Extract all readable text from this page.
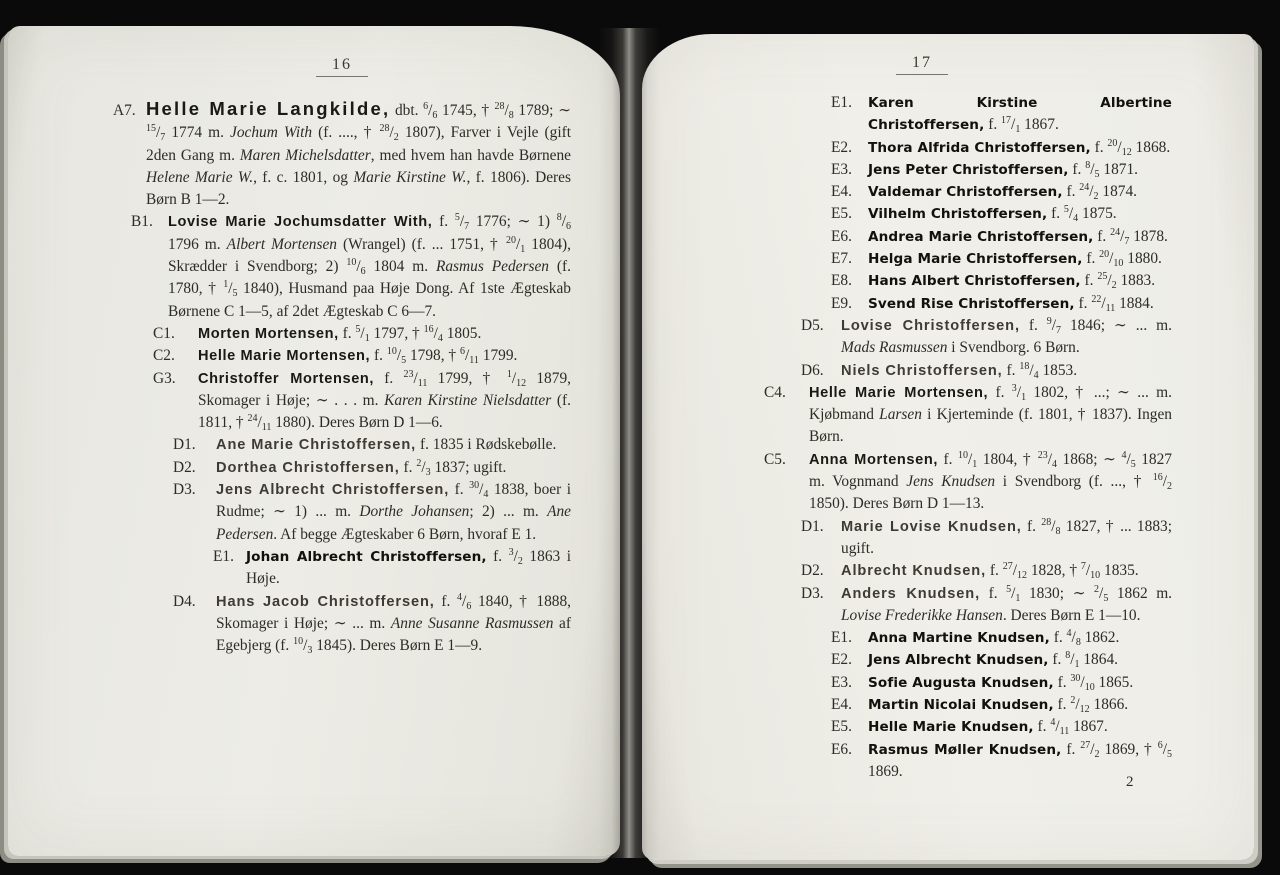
16
A7.Helle Marie Langkilde, dbt. $^6/_6$ 1745, † $^{28}/_8$ 1789; ∼ $^{15}/_7$ 1774 m. Jochum With (f. ...., † $^{28}/_2$ 1807), Farver i Vejle (gift 2den Gang m. Maren Michelsdatter, med hvem han havde Børnene Helene Marie W., f. c. 1801, og Marie Kirstine W., f. 1806). Deres Børn B 1—2.
B1.Lovise Marie Jochumsdatter With, f. $^5/_7$ 1776; ∼ 1) $^8/_6$ 1796 m. Albert Mortensen (Wrangel) (f. ... 1751, † $^{20}/_1$ 1804), Skrædder i Svendborg; 2) $^{10}/_6$ 1804 m. Rasmus Pedersen (f. 1780, † $^1/_5$ 1840), Husmand paa Høje Dong. Af 1ste Ægteskab Børnene C 1—5, af 2det Ægteskab C 6—7.
C1.Morten Mortensen, f. $^5/_1$ 1797, † $^{16}/_4$ 1805.
C2.Helle Marie Mortensen, f. $^{10}/_5$ 1798, † $^6/_{11}$ 1799.
G3.Christoffer Mortensen, f. $^{23}/_{11}$ 1799, † $^1/_{12}$ 1879, Skomager i Høje; ∼ . . . m. Karen Kirstine Nielsdatter (f. 1811, † $^{24}/_{11}$ 1880). Deres Børn D 1—6.
D1.Ane Marie Christoffersen, f. 1835 i Rødskebølle.
D2.Dorthea Christoffersen, f. $^2/_3$ 1837; ugift.
D3.Jens Albrecht Christoffersen, f. $^{30}/_4$ 1838, boer i Rudme; ∼ 1) ... m. Dorthe Johansen; 2) ... m. Ane Pedersen. Af begge Ægteskaber 6 Børn, hvoraf E 1.
E1.Johan Albrecht Christoffersen, f. $^3/_2$ 1863 i Høje.
D4.Hans Jacob Christoffersen, f. $^4/_6$ 1840, † 1888, Skomager i Høje; ∼ ... m. Anne Susanne Rasmussen af Egebjerg (f. $^{10}/_3$ 1845). Deres Børn E 1—9.
17
E1.Karen Kirstine Albertine Christoffersen, f. $^{17}/_1$ 1867.
E2.Thora Alfrida Christoffersen, f. $^{20}/_{12}$ 1868.
E3.Jens Peter Christoffersen, f. $^8/_5$ 1871.
E4.Valdemar Christoffersen, f. $^{24}/_2$ 1874.
E5.Vilhelm Christoffersen, f. $^5/_4$ 1875.
E6.Andrea Marie Christoffersen, f. $^{24}/_7$ 1878.
E7.Helga Marie Christoffersen, f. $^{20}/_{10}$ 1880.
E8.Hans Albert Christoffersen, f. $^{25}/_2$ 1883.
E9.Svend Rise Christoffersen, f. $^{22}/_{11}$ 1884.
D5.Lovise Christoffersen, f. $^9/_7$ 1846; ∼ ... m. Mads Rasmussen i Svendborg. 6 Børn.
D6.Niels Christoffersen, f. $^{18}/_4$ 1853.
C4.Helle Marie Mortensen, f. $^3/_1$ 1802, † ...; ∼ ... m. Kjøbmand Larsen i Kjerteminde (f. 1801, † 1837). Ingen Børn.
C5.Anna Mortensen, f. $^{10}/_1$ 1804, † $^{23}/_4$ 1868; ∼ $^4/_5$ 1827 m. Vognmand Jens Knudsen i Svendborg (f. ..., † $^{16}/_2$ 1850). Deres Børn D 1—13.
D1.Marie Lovise Knudsen, f. $^{28}/_8$ 1827, † ... 1883; ugift.
D2.Albrecht Knudsen, f. $^{27}/_{12}$ 1828, † $^7/_{10}$ 1835.
D3.Anders Knudsen, f. $^5/_1$ 1830; ∼ $^2/_5$ 1862 m. Lovise Frederikke Hansen. Deres Børn E 1—10.
E1.Anna Martine Knudsen, f. $^4/_8$ 1862.
E2.Jens Albrecht Knudsen, f. $^8/_1$ 1864.
E3.Sofie Augusta Knudsen, f. $^{30}/_{10}$ 1865.
E4.Martin Nicolai Knudsen, f. $^2/_{12}$ 1866.
E5.Helle Marie Knudsen, f. $^4/_{11}$ 1867.
E6.Rasmus Møller Knudsen, f. $^{27}/_2$ 1869, † $^6/_5$ 1869.
2
